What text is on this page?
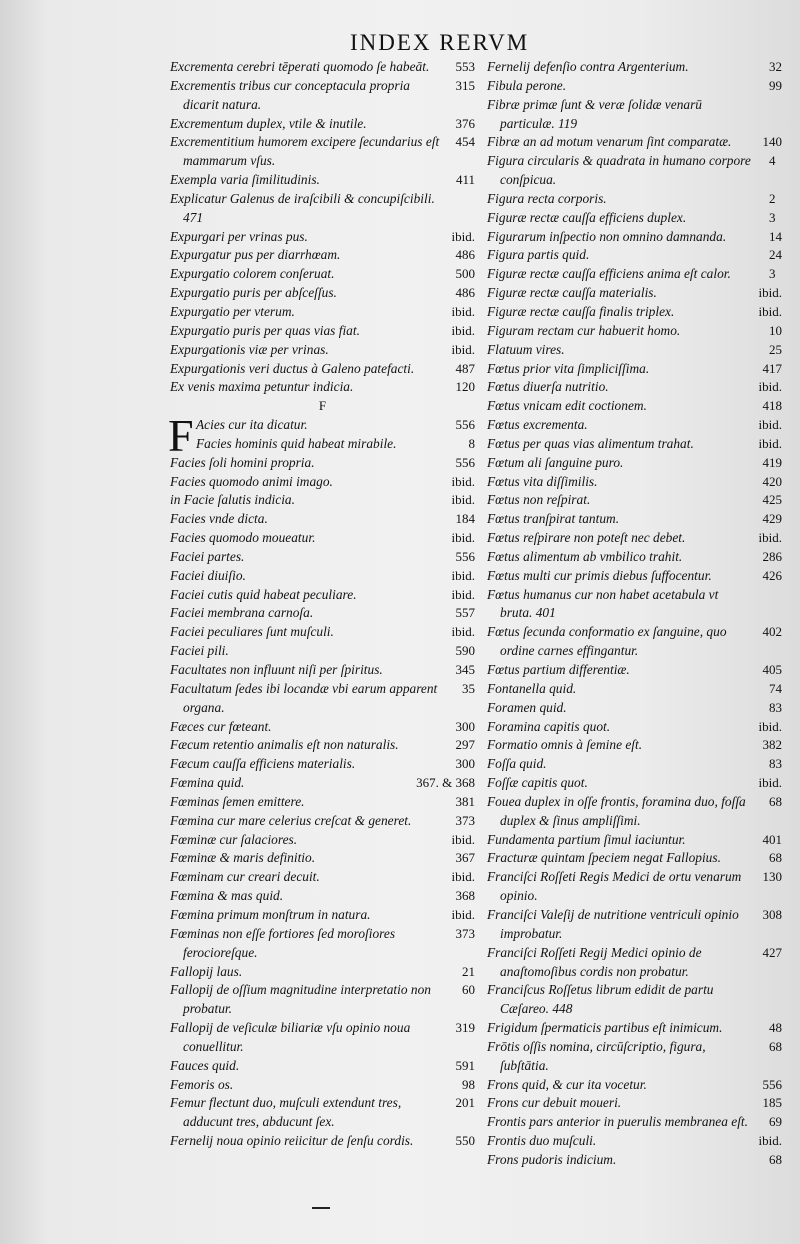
INDEX RERVM
Excrementa cerebri tēperati quomodo ſe habeāt. 553
Excrementis tribus cur conceptacula propria dicarit natura.
315
Excrementum duplex, vtile & inutile.	376
Excrementitium humorem excipere ſecundarius eſt mammarum vſus.
454
Exempla varia ſimilitudinis.	411
Explicatur Galenus de iraſcibili & concupiſcibili. 471
Expurgari per vrinas pus.	ibid.
Expurgatur pus per diarrhœam.	486
Expurgatio colorem conſeruat.	500
Expurgatio puris per abſceſſus.	486
Expurgatio per vterum.	ibid.
Expurgatio puris per quas vias fiat.	ibid.
Expurgationis viæ per vrinas.	ibid.
Expurgationis veri ductus à Galeno patefacti.	487
Ex venis maxima petuntur indicia.	120
F
F Acies cur ita dicatur.	556
Facies hominis quid habeat mirabile.	8
Facies ſoli homini propria.	556
Facies quomodo animi imago.	ibid.
in Facie ſalutis indicia.	ibid.
Facies vnde dicta.	184
Facies quomodo moueatur.	ibid.
Faciei partes.	556
Faciei diuiſio.	ibid.
Faciei cutis quid habeat peculiare.	ibid.
Faciei membrana carnoſa.	557
Faciei peculiares ſunt muſculi.	ibid.
Faciei pili.	590
Facultates non influunt niſi per ſpiritus.	345
Facultatum ſedes ibi locandæ vbi earum apparent organa.
35
Fæces cur fœteant.	300
Fæcum retentio animalis eſt non naturalis.	297
Fæcum cauſſa efficiens materialis.	300
Fœmina quid.	367. & 368
Fœminas ſemen emittere.	381
Fœmina cur mare celerius creſcat & generet.	373
Fœminæ cur ſalaciores.	ibid.
Fœminæ & maris definitio.	367
Fœminam cur creari decuit.	ibid.
Fœmina & mas quid.	368
Fœmina primum monſtrum in natura.	ibid.
Fœminas non eſſe fortiores ſed moroſiores ferocioreſque.
373
Fallopij laus.	21
Fallopij de oſſium magnitudine interpretatio non probatur.
60
Fallopij de veſiculæ biliariæ vſu opinio noua conuellitur.
319
Fauces quid.	591
Femoris os.	98
Femur flectunt duo, muſculi extendunt tres, adducunt tres, abducunt ſex.
201
Fernelij noua opinio reiicitur de ſenſu cordis.	550
Fernelij defenſio contra Argenterium.	32
Fibula perone.	99
Fibræ primæ ſunt & veræ ſolidæ venarū particulæ. 119
Fibræ an ad motum venarum ſint comparatæ. 140
Figura circularis & quadrata in humano corpore conſpicua.
4
Figura recta corporis.	2
Figuræ rectæ cauſſa efficiens duplex.	3
Figurarum inſpectio non omnino damnanda.	14
Figura partis quid.	24
Figuræ rectæ cauſſa efficiens anima eſt calor.	3
Figuræ rectæ cauſſa materialis.	ibid.
Figuræ rectæ cauſſa finalis triplex.	ibid.
Figuram rectam cur habuerit homo.	10
Flatuum vires.	25
Fœtus prior vita ſimpliciſſima.	417
Fœtus diuerſa nutritio.	ibid.
Fœtus vnicam edit coctionem.	418
Fœtus excrementa.	ibid.
Fœtus per quas vias alimentum trahat.	ibid.
Fœtum ali ſanguine puro.	419
Fœtus vita diſſimilis.	420
Fœtus non reſpirat.	425
Fœtus tranſpirat tantum.	429
Fœtus reſpirare non poteſt nec debet.	ibid.
Fœtus alimentum ab vmbilico trahit.	286
Fœtus multi cur primis diebus ſuffocentur.	426
Fœtus humanus cur non habet acetabula vt bruta. 401
Fœtus ſecunda conformatio ex ſanguine, quo ordine carnes effingantur.
402
Fœtus partium differentiæ.	405
Fontanella quid.	74
Foramen quid.	83
Foramina capitis quot.	ibid.
Formatio omnis à ſemine eſt.	382
Foſſa quid.	83
Foſſæ capitis quot.	ibid.
Fouea duplex in oſſe frontis, foramina duo, foſſa duplex & ſinus ampliſſimi.
68
Fundamenta partium ſimul iaciuntur.	401
Fracturæ quintam ſpeciem negat Fallopius.	68
Franciſci Roſſeti Regis Medici de ortu venarum opinio.
130
Franciſci Valeſij de nutritione ventriculi opinio improbatur.
308
Franciſci Roſſeti Regij Medici opinio de anaſtomoſibus cordis non probatur.
427
Franciſcus Roſſetus librum edidit de partu Cæſareo. 448
Frigidum ſpermaticis partibus eſt inimicum.	48
Frōtis oſſis nomina, circūſcriptio, figura, ſubſtātia.
68
Frons quid, & cur ita vocetur.	556
Frons cur debuit moueri.	185
Frontis pars anterior in puerulis membranea eſt. 69
Frontis duo muſculi.	ibid.
Frons pudoris indicium.	68
